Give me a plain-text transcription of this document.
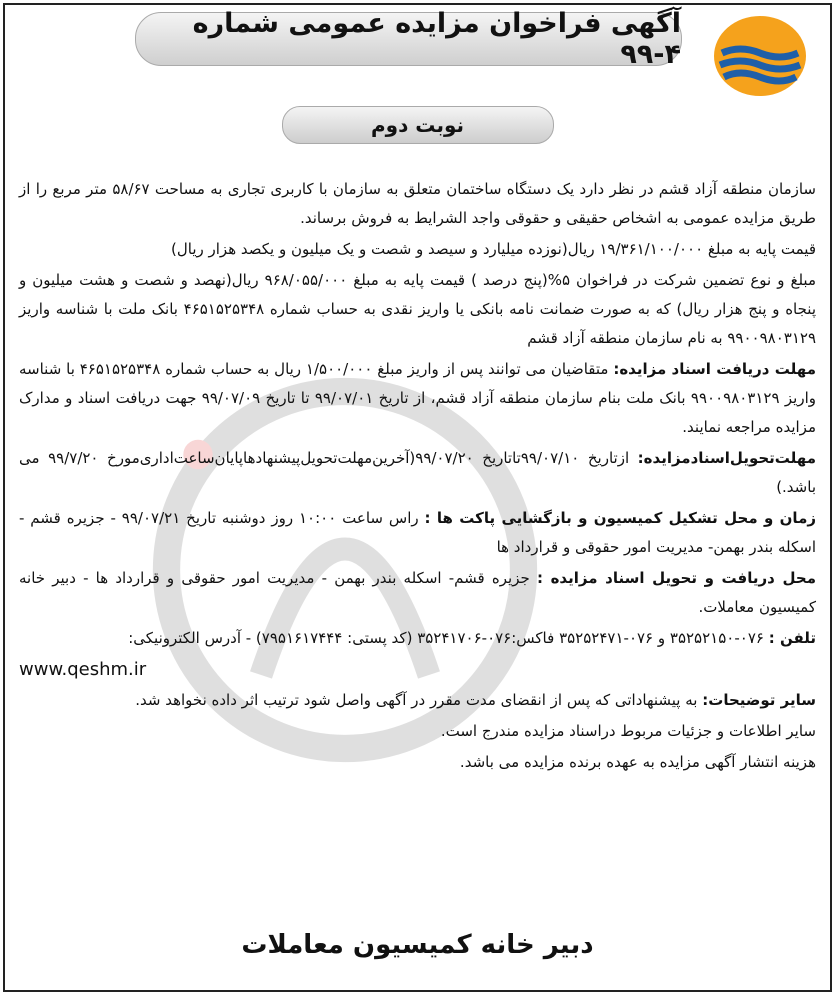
آگهی فراخوان مزایده عمومی شماره ۴-۹۹
نوبت دوم

سازمان منطقه آزاد قشم در نظر دارد یک دستگاه ساختمان متعلق به سازمان با کاربری تجاری به مساحت ۵۸/۶۷ متر مربع را از طریق مزایده عمومی به اشخاص حقیقی و حقوقی واجد الشرایط به فروش برساند.

قیمت پایه به مبلغ ۱۹/۳۶۱/۱۰۰/۰۰۰ ریال(نوزده میلیارد و سیصد و شصت و یک میلیون و یکصد هزار ریال)

مبلغ و نوع تضمین شرکت در فراخوان ۵%(پنج درصد ) قیمت پایه به مبلغ ۹۶۸/۰۵۵/۰۰۰ ریال(نهصد و شصت و هشت میلیون و پنجاه و پنج هزار ریال) که به صورت ضمانت نامه بانکی یا واریز نقدی به حساب شماره ۴۶۵۱۵۲۵۳۴۸ بانک ملت با شناسه واریز ۹۹۰۰۹۸۰۳۱۲۹ به نام سازمان منطقه آزاد قشم

مهلت دریافت اسناد مزایده: متقاضیان می توانند پس از واریز مبلغ ۱/۵۰۰/۰۰۰ ریال به حساب شماره ۴۶۵۱۵۲۵۳۴۸ با شناسه واریز ۹۹۰۰۹۸۰۳۱۲۹ بانک ملت بنام سازمان منطقه آزاد قشم، از تاریخ ۹۹/۰۷/۰۱ تا تاریخ ۹۹/۰۷/۰۹ جهت دریافت اسناد و مدارک مزایده مراجعه نمایند.

مهلت‌تحویل‌اسناد‌مزایده: از‌تاریخ ۹۹/۰۷/۱۰تا‌تاریخ ۹۹/۰۷/۲۰(آخرین‌مهلت‌تحویل‌پیشنهادها‌پایان‌ساعت‌اداری‌مورخ ۹۹/۷/۲۰ می باشد.)

زمان و محل تشکیل کمیسیون و بازگشایی پاکت ها : راس ساعت ۱۰:۰۰ روز دوشنبه تاریخ ۹۹/۰۷/۲۱ - جزیره قشم - اسکله بندر بهمن- مدیریت امور حقوقی و قرارداد ها

محل دریافت و تحویل اسناد مزایده : جزیره قشم- اسکله بندر بهمن - مدیریت امور حقوقی و قرارداد ها - دبیر خانه کمیسیون معاملات.

تلفن : ۰۷۶-۳۵۲۵۲۱۵۰ و ۰۷۶-۳۵۲۵۲۴۷۱ فاکس:۰۷۶-۳۵۲۴۱۷۰۶ (کد پستی: ۷۹۵۱۶۱۷۴۴۴) - آدرس الکترونیکی:

www.qeshm.ir

سایر توضیحات: به پیشنهاداتی که پس از انقضای مدت مقرر در آگهی واصل شود ترتیب اثر داده نخواهد شد.

سایر اطلاعات و جزئیات مربوط دراسناد مزایده مندرج است.

هزینه انتشار آگهی مزایده به عهده برنده مزایده می باشد.

دبیر خانه کمیسیون معاملات
